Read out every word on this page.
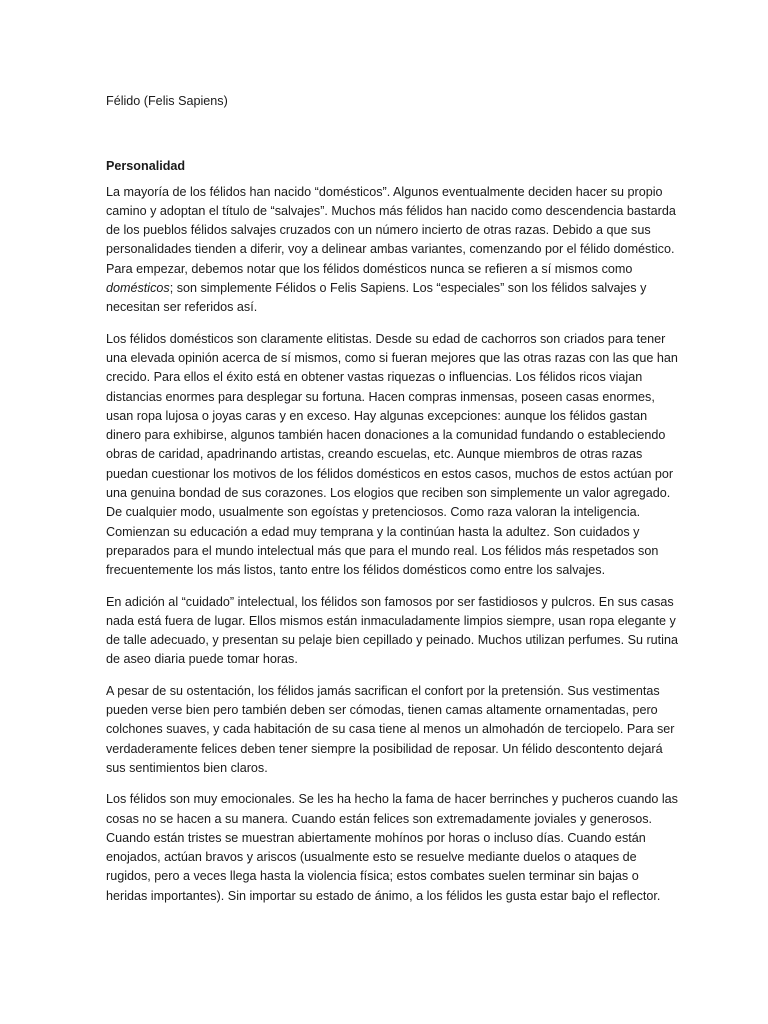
Félido (Felis Sapiens)

Personalidad

La mayoría de los félidos han nacido “domésticos”. Algunos eventualmente deciden hacer su propio camino y adoptan el título de “salvajes”. Muchos más félidos han nacido como descendencia bastarda de los pueblos félidos salvajes cruzados con un número incierto de otras razas. Debido a que sus personalidades tienden a diferir, voy a delinear ambas variantes, comenzando por el félido doméstico. Para empezar, debemos notar que los félidos domésticos nunca se refieren a sí mismos como domésticos; son simplemente Félidos o Felis Sapiens. Los “especiales” son los félidos salvajes y necesitan ser referidos así.

Los félidos domésticos son claramente elitistas. Desde su edad de cachorros son criados para tener una elevada opinión acerca de sí mismos, como si fueran mejores que las otras razas con las que han crecido. Para ellos el éxito está en obtener vastas riquezas o influencias. Los félidos ricos viajan distancias enormes para desplegar su fortuna. Hacen compras inmensas, poseen casas enormes, usan ropa lujosa o joyas caras y en exceso. Hay algunas excepciones: aunque los félidos gastan dinero para exhibirse, algunos también hacen donaciones a la comunidad fundando o estableciendo obras de caridad, apadrinando artistas, creando escuelas, etc. Aunque miembros de otras razas puedan cuestionar los motivos de los félidos domésticos en estos casos, muchos de estos actúan por una genuina bondad de sus corazones. Los elogios que reciben son simplemente un valor agregado. De cualquier modo, usualmente son egoístas y pretenciosos. Como raza valoran la inteligencia. Comienzan su educación a edad muy temprana y la continúan hasta la adultez. Son cuidados y preparados para el mundo intelectual más que para el mundo real. Los félidos más respetados son frecuentemente los más listos, tanto entre los félidos domésticos como entre los salvajes.

En adición al “cuidado” intelectual, los félidos son famosos por ser fastidiosos y pulcros. En sus casas nada está fuera de lugar. Ellos mismos están inmaculadamente limpios siempre, usan ropa elegante y de talle adecuado, y presentan su pelaje bien cepillado y peinado. Muchos utilizan perfumes. Su rutina de aseo diaria puede tomar horas.

A pesar de su ostentación, los félidos jamás sacrifican el confort por la pretensión. Sus vestimentas pueden verse bien pero también deben ser cómodas, tienen camas altamente ornamentadas, pero colchones suaves, y cada habitación de su casa tiene al menos un almohadón de terciopelo. Para ser verdaderamente felices deben tener siempre la posibilidad de reposar. Un félido descontento dejará sus sentimientos bien claros.

Los félidos son muy emocionales. Se les ha hecho la fama de hacer berrinches y pucheros cuando las cosas no se hacen a su manera. Cuando están felices son extremadamente joviales y generosos. Cuando están tristes se muestran abiertamente mohínos por horas o incluso días. Cuando están enojados, actúan bravos y ariscos (usualmente esto se resuelve mediante duelos o ataques de rugidos, pero a veces llega hasta la violencia física; estos combates suelen terminar sin bajas o heridas importantes). Sin importar su estado de ánimo, a los félidos les gusta estar bajo el reflector.
